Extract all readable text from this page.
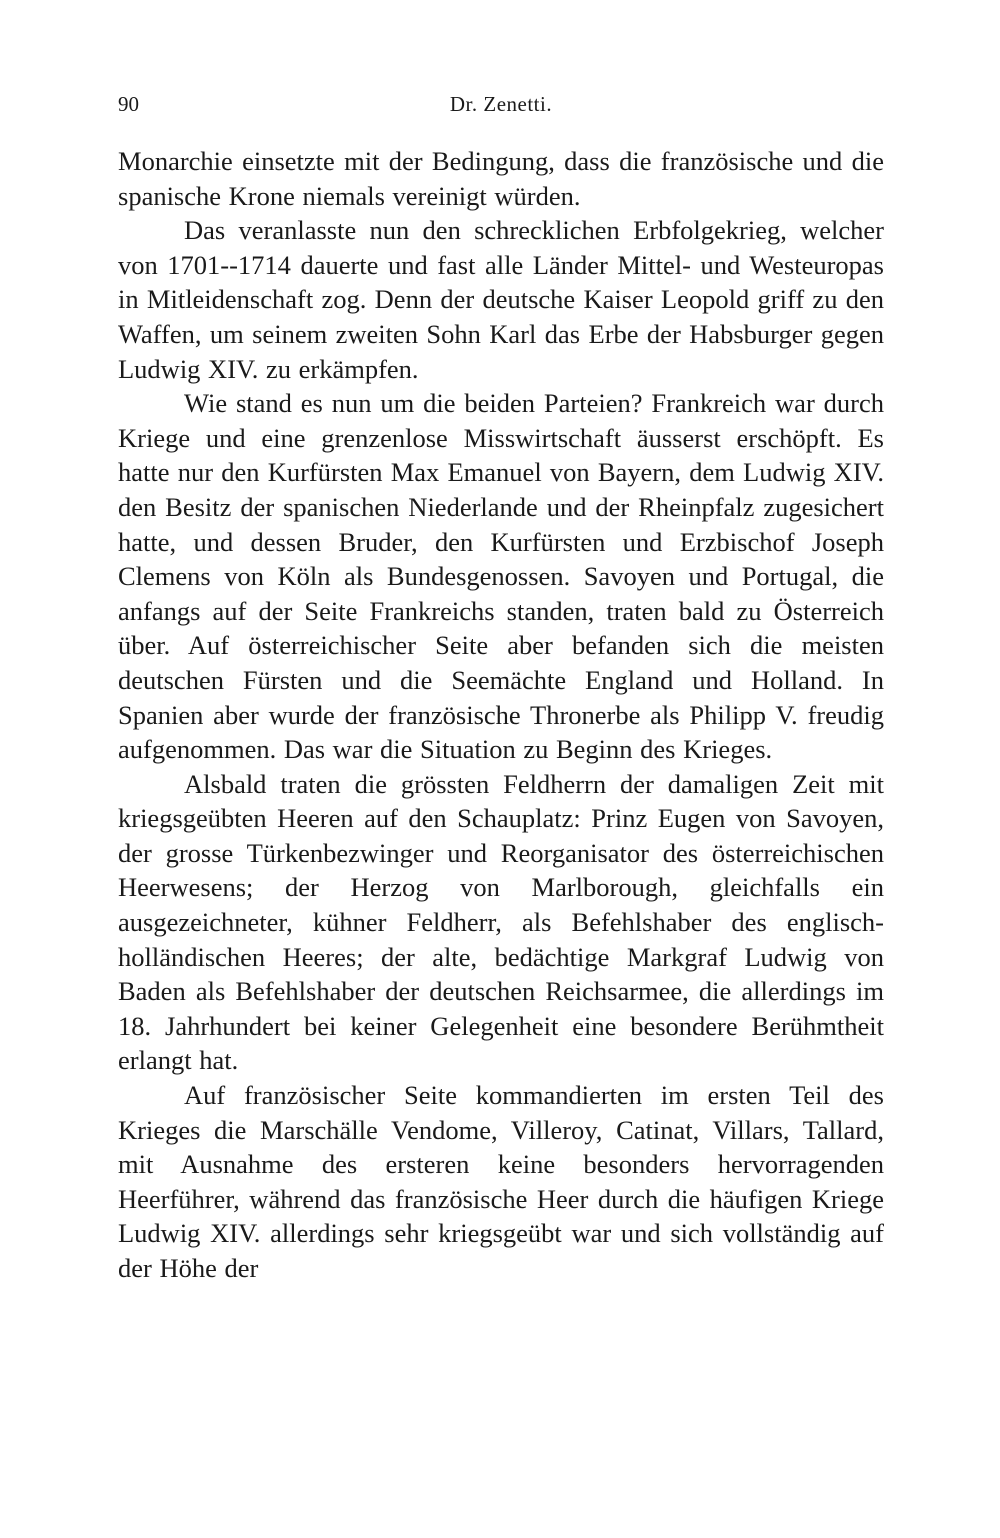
90	Dr. Zenetti.

Monarchie einsetzte mit der Bedingung, dass die französische und die spanische Krone niemals vereinigt würden.

Das veranlasste nun den schrecklichen Erbfolgekrieg, welcher von 1701--1714 dauerte und fast alle Länder Mittel- und Westeuropas in Mitleidenschaft zog. Denn der deutsche Kaiser Leopold griff zu den Waffen, um seinem zweiten Sohn Karl das Erbe der Habsburger gegen Ludwig XIV. zu erkämpfen.

Wie stand es nun um die beiden Parteien? Frankreich war durch Kriege und eine grenzenlose Misswirtschaft äusserst erschöpft. Es hatte nur den Kurfürsten Max Emanuel von Bayern, dem Ludwig XIV. den Besitz der spanischen Niederlande und der Rheinpfalz zugesichert hatte, und dessen Bruder, den Kurfürsten und Erzbischof Joseph Clemens von Köln als Bundesgenossen. Savoyen und Portugal, die anfangs auf der Seite Frankreichs standen, traten bald zu Österreich über. Auf österreichischer Seite aber befanden sich die meisten deutschen Fürsten und die Seemächte England und Holland. In Spanien aber wurde der französische Thronerbe als Philipp V. freudig aufgenommen. Das war die Situation zu Beginn des Krieges.

Alsbald traten die grössten Feldherrn der damaligen Zeit mit kriegsgeübten Heeren auf den Schauplatz: Prinz Eugen von Savoyen, der grosse Türkenbezwinger und Reorganisator des österreichischen Heerwesens; der Herzog von Marlborough, gleichfalls ein ausgezeichneter, kühner Feldherr, als Befehlshaber des englisch-holländischen Heeres; der alte, bedächtige Markgraf Ludwig von Baden als Befehlshaber der deutschen Reichsarmee, die allerdings im 18. Jahrhundert bei keiner Gelegenheit eine besondere Berühmtheit erlangt hat.

Auf französischer Seite kommandierten im ersten Teil des Krieges die Marschälle Vendome, Villeroy, Catinat, Villars, Tallard, mit Ausnahme des ersteren keine besonders hervorragenden Heerführer, während das französische Heer durch die häufigen Kriege Ludwig XIV. allerdings sehr kriegsgeübt war und sich vollständig auf der Höhe der
